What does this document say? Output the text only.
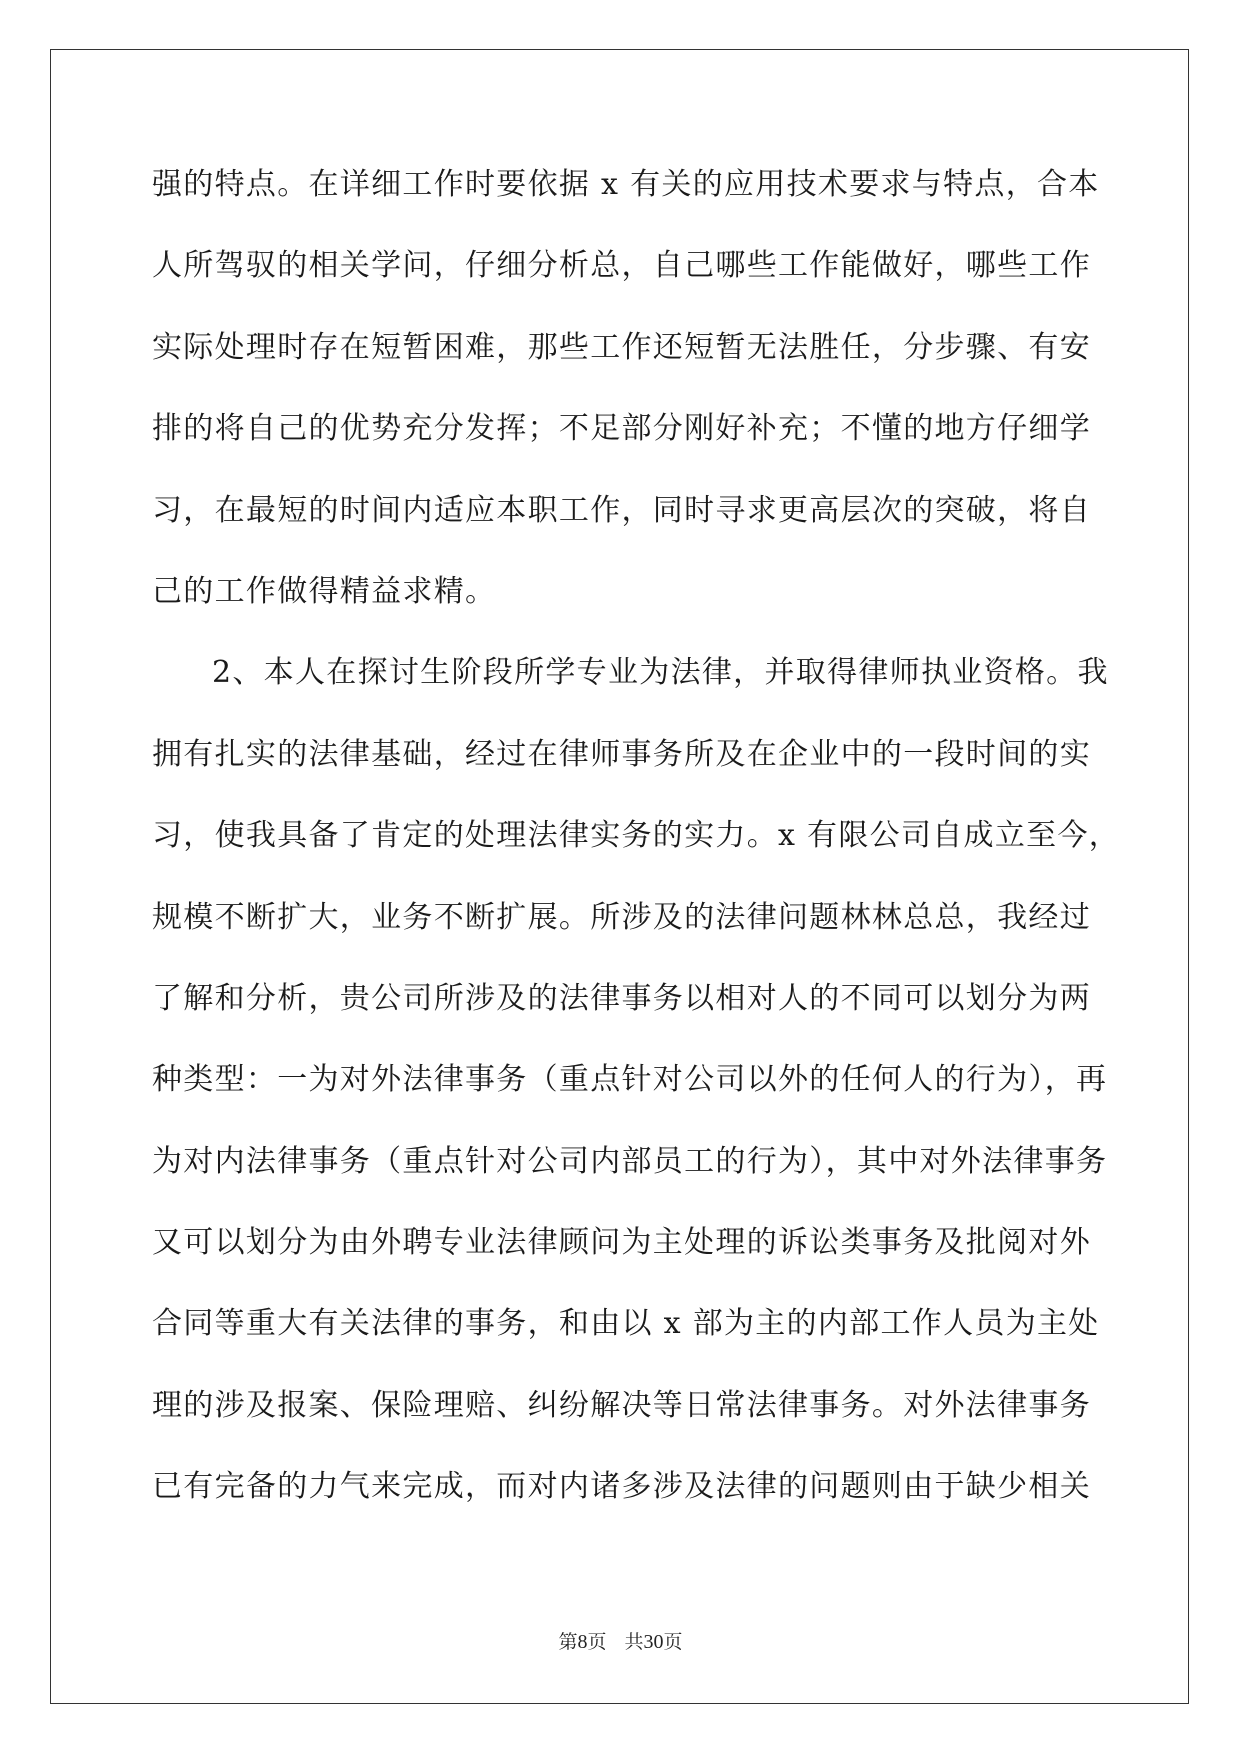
强的特点。在详细工作时要依据 x 有关的应用技术要求与特点，合本
人所驾驭的相关学问，仔细分析总，自己哪些工作能做好，哪些工作
实际处理时存在短暂困难，那些工作还短暂无法胜任，分步骤、有安
排的将自己的优势充分发挥；不足部分刚好补充；不懂的地方仔细学
习，在最短的时间内适应本职工作，同时寻求更高层次的突破，将自
己的工作做得精益求精。
2、本人在探讨生阶段所学专业为法律，并取得律师执业资格。我
拥有扎实的法律基础，经过在律师事务所及在企业中的一段时间的实
习，使我具备了肯定的处理法律实务的实力。x 有限公司自成立至今，
规模不断扩大，业务不断扩展。所涉及的法律问题林林总总，我经过
了解和分析，贵公司所涉及的法律事务以相对人的不同可以划分为两
种类型：一为对外法律事务（重点针对公司以外的任何人的行为），再
为对内法律事务（重点针对公司内部员工的行为），其中对外法律事务
又可以划分为由外聘专业法律顾问为主处理的诉讼类事务及批阅对外
合同等重大有关法律的事务，和由以 x 部为主的内部工作人员为主处
理的涉及报案、保险理赔、纠纷解决等日常法律事务。对外法律事务
已有完备的力气来完成，而对内诸多涉及法律的问题则由于缺少相关
第8页 共30页
